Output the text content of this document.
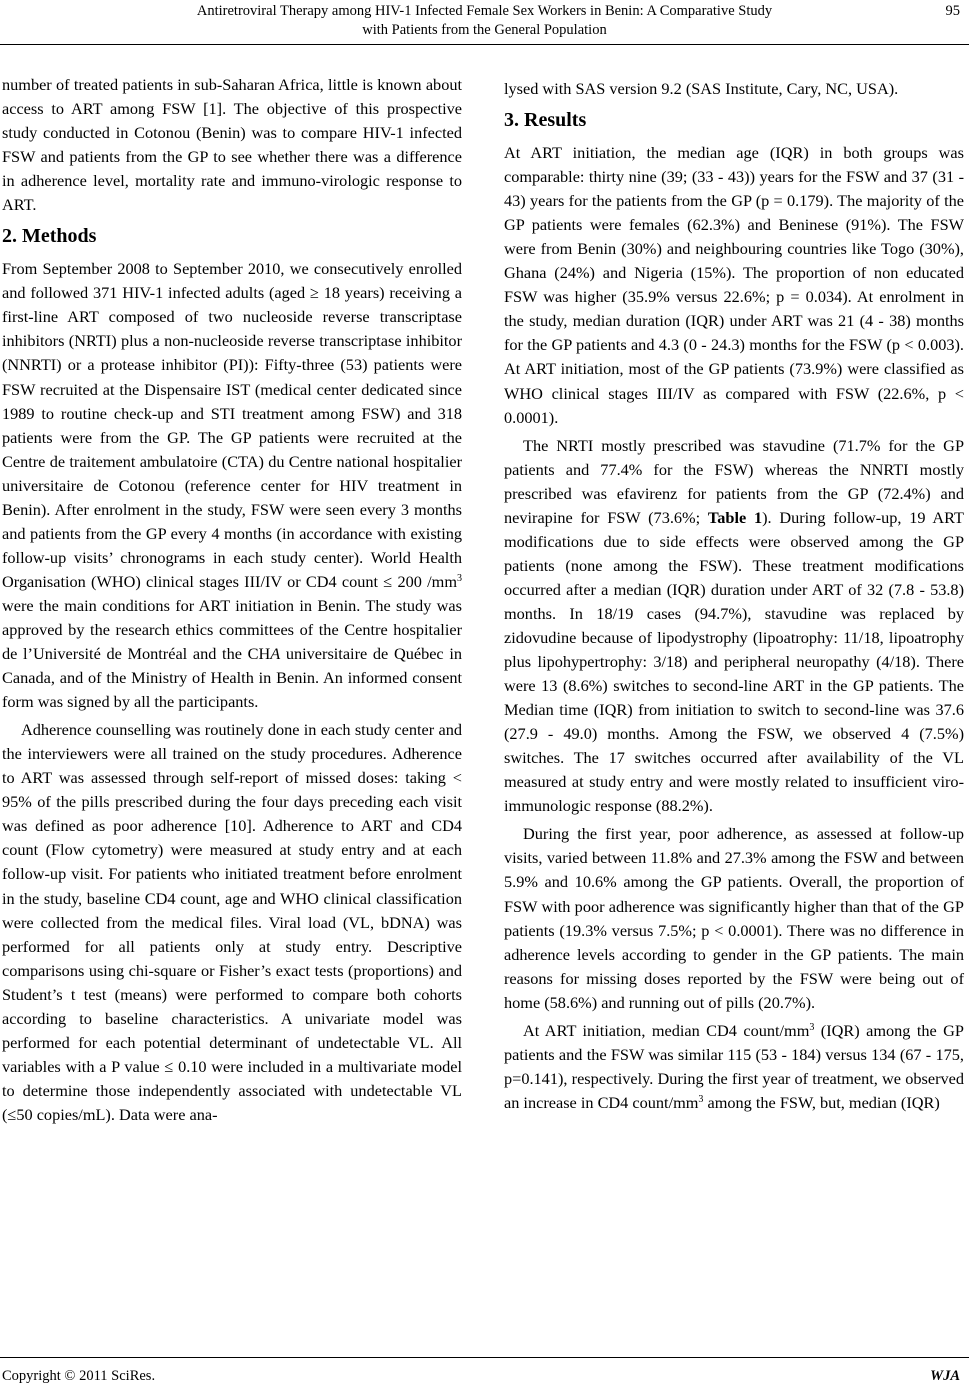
Antiretroviral Therapy among HIV-1 Infected Female Sex Workers in Benin: A Comparative Study
with Patients from the General Population
95

number of treated patients in sub-Saharan Africa, little is known about access to ART among FSW [1]. The objective of this prospective study conducted in Cotonou (Benin) was to compare HIV-1 infected FSW and patients from the GP to see whether there was a difference in adherence level, mortality rate and immuno-virologic response to ART.

2. Methods

From September 2008 to September 2010, we consecutively enrolled and followed 371 HIV-1 infected adults (aged ≥ 18 years) receiving a first-line ART composed of two nucleoside reverse transcriptase inhibitors (NRTI) plus a non-nucleoside reverse transcriptase inhibitor (NNRTI) or a protease inhibitor (PI)): Fifty-three (53) patients were FSW recruited at the Dispensaire IST (medical center dedicated since 1989 to routine check-up and STI treatment among FSW) and 318 patients were from the GP. The GP patients were recruited at the Centre de traitement ambulatoire (CTA) du Centre national hospitalier universitaire de Cotonou (reference center for HIV treatment in Benin). After enrolment in the study, FSW were seen every 3 months and patients from the GP every 4 months (in accordance with existing follow-up visits’ chronograms in each study center). World Health Organisation (WHO) clinical stages III/IV or CD4 count ≤ 200 $/mm^3$ were the main conditions for ART initiation in Benin. The study was approved by the research ethics committees of the Centre hospitalier de l’Université de Montréal and the CHA universitaire de Québec in Canada, and of the Ministry of Health in Benin. An informed consent form was signed by all the participants.

Adherence counselling was routinely done in each study center and the interviewers were all trained on the study procedures. Adherence to ART was assessed through self-report of missed doses: taking < 95% of the pills prescribed during the four days preceding each visit was defined as poor adherence [10]. Adherence to ART and CD4 count (Flow cytometry) were measured at study entry and at each follow-up visit. For patients who initiated treatment before enrolment in the study, baseline CD4 count, age and WHO clinical classification were collected from the medical files. Viral load (VL, bDNA) was performed for all patients only at study entry. Descriptive comparisons using chi-square or Fisher’s exact tests (proportions) and Student’s t test (means) were performed to compare both cohorts according to baseline characteristics. A univariate model was performed for each potential determinant of undetectable VL. All variables with a P value ≤ 0.10 were included in a multivariate model to determine those independently associated with undetectable VL (≤50 copies/mL). Data were ana-

lysed with SAS version 9.2 (SAS Institute, Cary, NC, USA).

3. Results

At ART initiation, the median age (IQR) in both groups was comparable: thirty nine (39; (33 - 43)) years for the FSW and 37 (31 - 43) years for the patients from the GP (p = 0.179). The majority of the GP patients were females (62.3%) and Beninese (91%). The FSW were from Benin (30%) and neighbouring countries like Togo (30%), Ghana (24%) and Nigeria (15%). The proportion of non educated FSW was higher (35.9% versus 22.6%; p = 0.034). At enrolment in the study, median duration (IQR) under ART was 21 (4 - 38) months for the GP patients and 4.3 (0 - 24.3) months for the FSW (p < 0.003). At ART initiation, most of the GP patients (73.9%) were classified as WHO clinical stages III/IV as compared with FSW (22.6%, p < 0.0001).

The NRTI mostly prescribed was stavudine (71.7% for the GP patients and 77.4% for the FSW) whereas the NNRTI mostly prescribed was efavirenz for patients from the GP (72.4%) and nevirapine for FSW (73.6%; Table 1). During follow-up, 19 ART modifications due to side effects were observed among the GP patients (none among the FSW). These treatment modifications occurred after a median (IQR) duration under ART of 32 (7.8 - 53.8) months. In 18/19 cases (94.7%), stavudine was replaced by zidovudine because of lipodystrophy (lipoatrophy: 11/18, lipoatrophy plus lipohypertrophy: 3/18) and peripheral neuropathy (4/18). There were 13 (8.6%) switches to second-line ART in the GP patients. The Median time (IQR) from initiation to switch to second-line was 37.6 (27.9 - 49.0) months. Among the FSW, we observed 4 (7.5%) switches. The 17 switches occurred after availability of the VL measured at study entry and were mostly related to insufficient viro-immunologic response (88.2%).

During the first year, poor adherence, as assessed at follow-up visits, varied between 11.8% and 27.3% among the FSW and between 5.9% and 10.6% among the GP patients. Overall, the proportion of FSW with poor adherence was significantly higher than that of the GP patients (19.3% versus 7.5%; p < 0.0001). There was no difference in adherence levels according to gender in the GP patients. The main reasons for missing doses reported by the FSW were being out of home (58.6%) and running out of pills (20.7%).

At ART initiation, median CD4 count/$mm^3$ (IQR) among the GP patients and the FSW was similar 115 (53 - 184) versus 134 (67 - 175, p=0.141), respectively. During the first year of treatment, we observed an increase in CD4 count/$mm^3$ among the FSW, but, median (IQR)

Copyright © 2011 SciRes.	WJA
